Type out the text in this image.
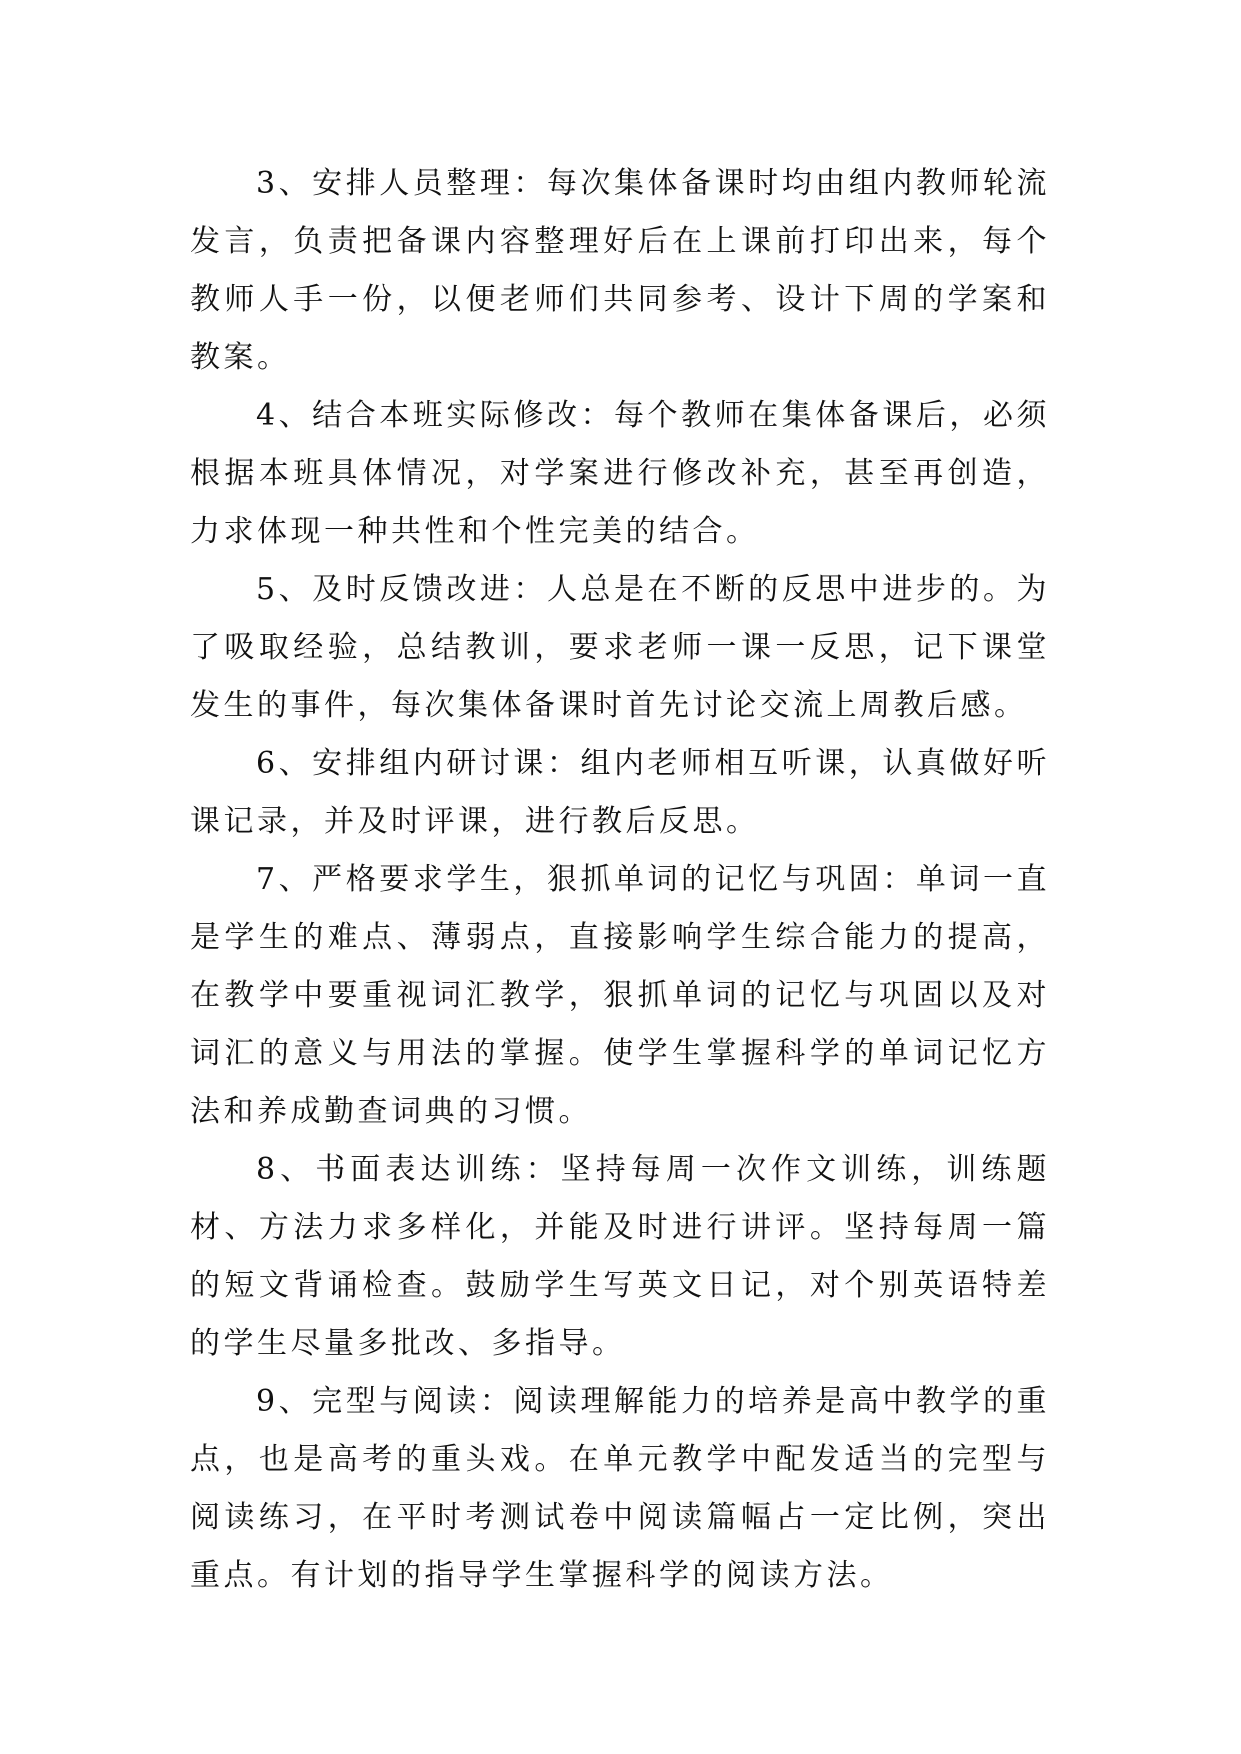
3、安排人员整理：每次集体备课时均由组内教师轮流发言，负责把备课内容整理好后在上课前打印出来，每个教师人手一份，以便老师们共同参考、设计下周的学案和教案。

4、结合本班实际修改：每个教师在集体备课后，必须根据本班具体情况，对学案进行修改补充，甚至再创造，力求体现一种共性和个性完美的结合。

5、及时反馈改进：人总是在不断的反思中进步的。为了吸取经验，总结教训，要求老师一课一反思，记下课堂发生的事件，每次集体备课时首先讨论交流上周教后感。

6、安排组内研讨课：组内老师相互听课，认真做好听课记录，并及时评课，进行教后反思。

7、严格要求学生，狠抓单词的记忆与巩固：单词一直是学生的难点、薄弱点，直接影响学生综合能力的提高，在教学中要重视词汇教学，狠抓单词的记忆与巩固以及对词汇的意义与用法的掌握。使学生掌握科学的单词记忆方法和养成勤查词典的习惯。

8、书面表达训练：坚持每周一次作文训练，训练题材、方法力求多样化，并能及时进行讲评。坚持每周一篇的短文背诵检查。鼓励学生写英文日记，对个别英语特差的学生尽量多批改、多指导。

9、完型与阅读：阅读理解能力的培养是高中教学的重点，也是高考的重头戏。在单元教学中配发适当的完型与阅读练习，在平时考测试卷中阅读篇幅占一定比例，突出重点。有计划的指导学生掌握科学的阅读方法。
